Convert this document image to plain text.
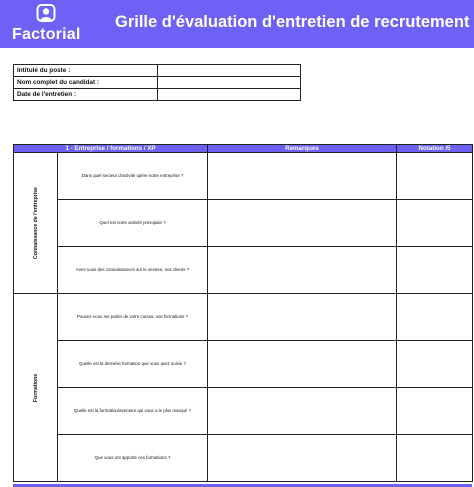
Factorial
Grille d'évaluation d'entretien de recrutement
Intitulé du poste :	
Nom complet du candidat :	
Date de l'entretien :	
1 - Entreprise / formations / XP		Remarques	Notation /5

Connaissance de l'entreprise	Dans quel secteur d'activité opère notre entreprise ?		
	Quel est notre activité principale ?		
	Avez-vous des connaissances sur le secteur, nos clients ?		

Formations	Pouvez-vous me parler de votre cursus, vos formations ?		
	Quelle est la dernière formation que vous avez suivie ?		
	Quelle est la formation/aventure qui vous a le plus marqué ?		
	Que vous ont apporté ces formations ?		
